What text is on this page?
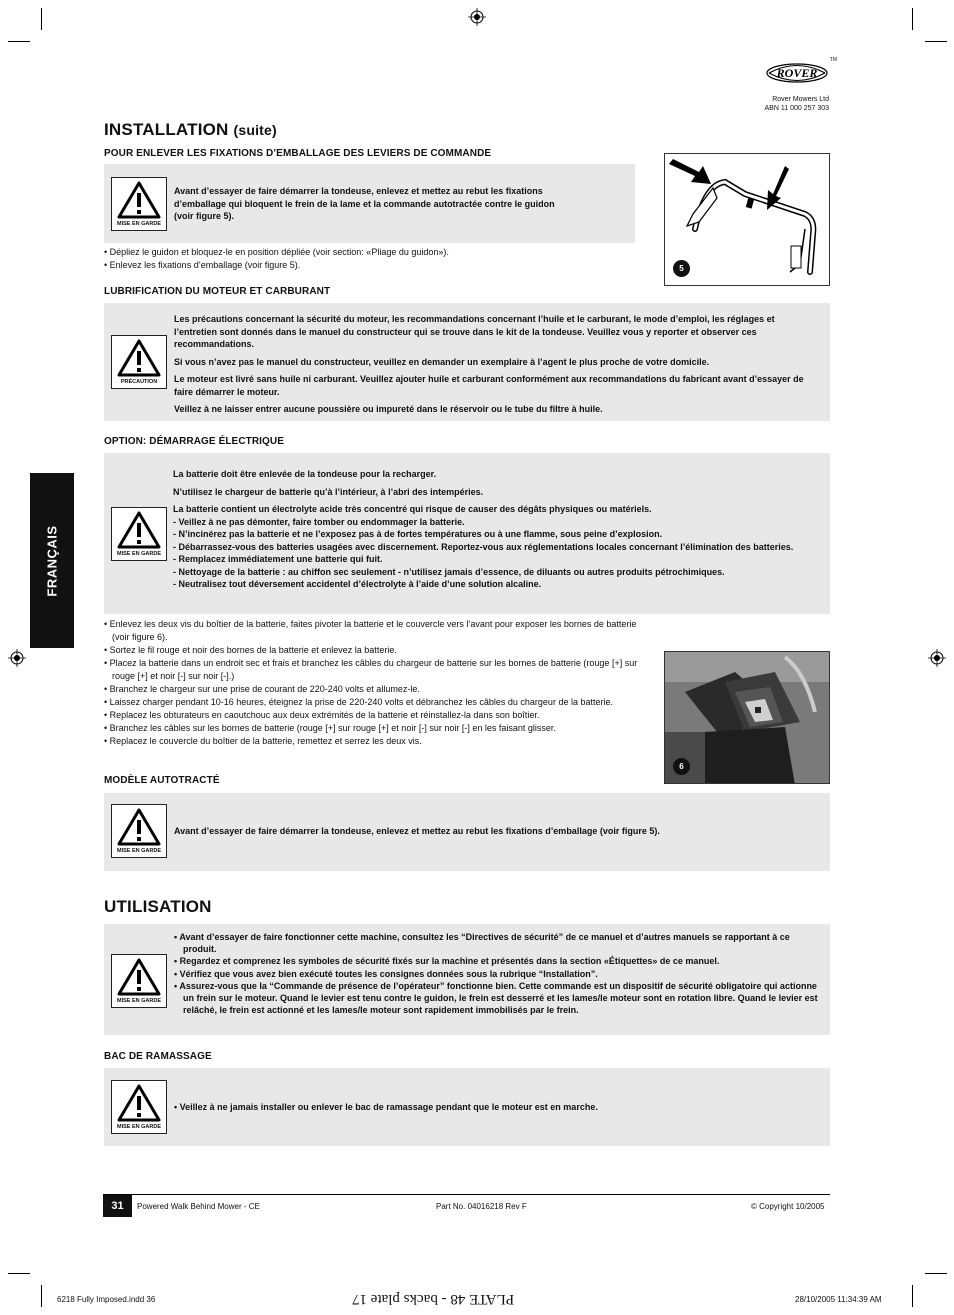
ROVER
TM
Rover Mowers Ltd
ABN 11 000 257 303
INSTALLATION (suite)
POUR ENLEVER LES FIXATIONS D’EMBALLAGE DES LEVIERS DE COMMANDE
MISE EN GARDE
Avant d’essayer de faire démarrer la tondeuse, enlevez et mettez au rebut les fixations d’emballage qui bloquent le frein de la lame et la commande autotractée contre le guidon (voir figure 5).

• Dépliez le guidon et bloquez-le en position dépliée (voir section: «Pliage du guidon»).

• Enlevez les fixations d’emballage (voir figure 5).	5
LUBRIFICATION DU MOTEUR ET CARBURANT
PRÉCAUTION

Les précautions concernant la sécurité du moteur, les recommandations concernant l’huile et le carburant, le mode d’emploi, les réglages et l’entretien sont donnés dans le manuel du constructeur qui se trouve dans le kit de la tondeuse. Veuillez vous y reporter et observer ces recommandations.

Si vous n’avez pas le manuel du constructeur, veuillez en demander un exemplaire à l’agent le plus proche de votre domicile.

Le moteur est livré sans huile ni carburant. Veuillez ajouter huile et carburant conformément aux recommandations du fabricant avant d’essayer de faire démarrer le moteur.

Veillez à ne laisser entrer aucune poussière ou impureté dans le réservoir ou le tube du filtre à huile.

OPTION: DÉMARRAGE ÉLECTRIQUE
MISE EN GARDE

La batterie doit être enlevée de la tondeuse pour la recharger.

N’utilisez le chargeur de batterie qu’à l’intérieur, à l’abri des intempéries.

La batterie contient un électrolyte acide très concentré qui risque de causer des dégâts physiques ou matériels.
- Veillez à ne pas démonter, faire tomber ou endommager la batterie.
- N’incinérez pas la batterie et ne l’exposez pas à de fortes températures ou à une flamme, sous peine d’explosion.
- Débarrassez-vous des batteries usagées avec discernement. Reportez-vous aux réglementations locales concernant l’élimination des batteries.
- Remplacez immédiatement une batterie qui fuit.
- Nettoyage de la batterie : au chiffon sec seulement - n’utilisez jamais d’essence, de diluants ou autres produits pétrochimiques.
- Neutralisez tout déversement accidentel d’électrolyte à l’aide d’une solution alcaline.

• Enlevez les deux vis du boîtier de la batterie, faites pivoter la batterie et le couvercle vers l’avant pour exposer les bornes de batterie (voir figure 6).

• Sortez le fil rouge et noir des bornes de la batterie et enlevez la batterie.

• Placez la batterie dans un endroit sec et frais et branchez les câbles du chargeur de batterie sur les bornes de batterie (rouge [+] sur rouge [+] et noir [-] sur noir [-].)

• Branchez le chargeur sur une prise de courant de 220-240 volts et allumez-le.

• Laissez charger pendant 10-16 heures, éteignez la prise de 220-240 volts et débranchez les câbles du chargeur de la batterie.

• Replacez les obturateurs en caoutchouc aux deux extrémités de la batterie et réinstallez-la dans son boîtier.

• Branchez les câbles sur les bornes de batterie (rouge [+] sur rouge [+] et noir [-] sur noir [-] en les faisant glisser.

• Replacez le couvercle du boîtier de la batterie, remettez et serrez les deux vis.

6
MODÈLE AUTOTRACTÉ
MISE EN GARDE
Avant d’essayer de faire démarrer la tondeuse, enlevez et mettez au rebut les fixations d’emballage (voir figure 5).
UTILISATION
MISE EN GARDE
• Avant d’essayer de faire fonctionner cette machine, consultez les “Directives de sécurité” de ce manuel et d’autres manuels se rapportant à ce produit.
• Regardez et comprenez les symboles de sécurité fixés sur la machine et présentés dans la section «Étiquettes» de ce manuel.
• Vérifiez que vous avez bien exécuté toutes les consignes données sous la rubrique “Installation”.
• Assurez-vous que la “Commande de présence de l’opérateur” fonctionne bien. Cette commande est un dispositif de sécurité obligatoire qui actionne un frein sur le moteur. Quand le levier est tenu contre le guidon, le frein est desserré et les lames/le moteur sont en rotation libre. Quand le levier est relâché, le frein est actionné et les lames/le moteur sont rapidement immobilisés par le frein.
BAC DE RAMASSAGE
MISE EN GARDE
• Veillez à ne jamais installer ou enlever le bac de ramassage pendant que le moteur est en marche.
FRANÇAIS
31	Powered Walk Behind Mower - CE	Part No. 04016218 Rev F	© Copyright 10/2005
6218 Fully Imposed.indd 36	PLATE 48 - backs plate 17	28/10/2005 11:34:39 AM
